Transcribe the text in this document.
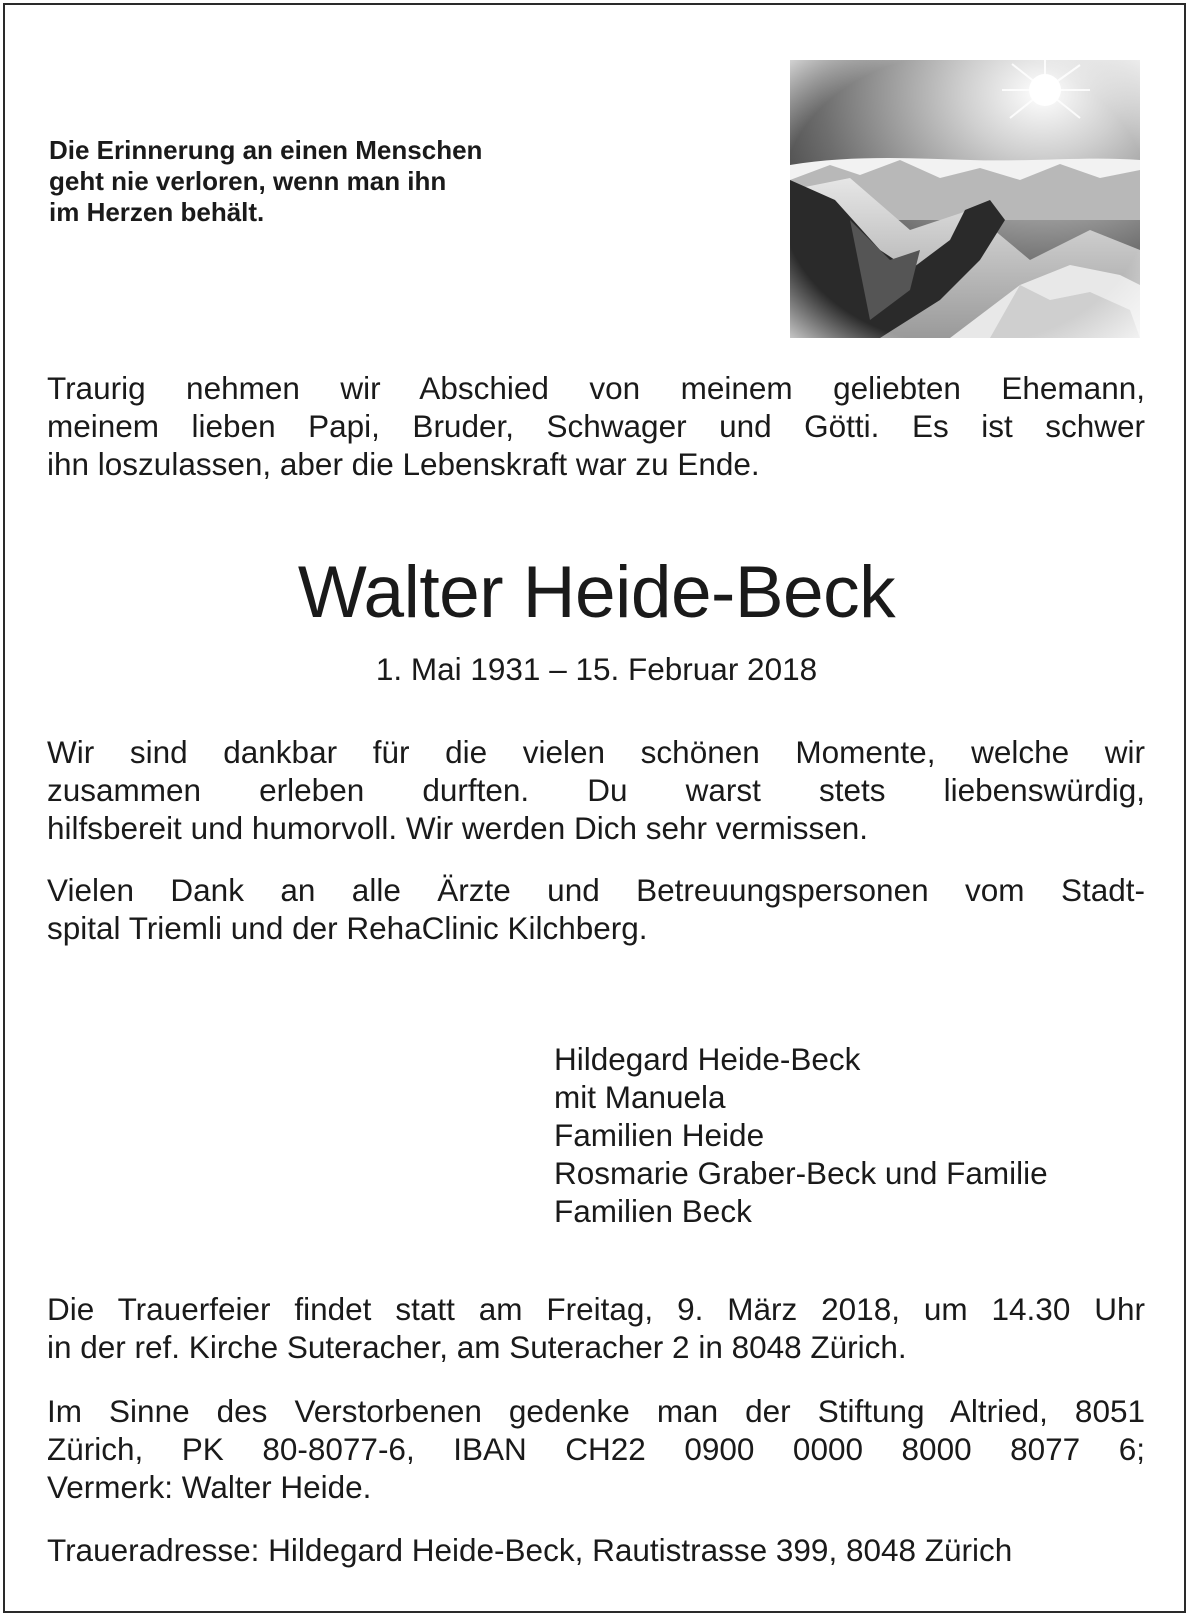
Die Erinnerung an einen Menschen
geht nie verloren, wenn man ihn
im Herzen behält.

Traurig nehmen wir Abschied von meinem geliebten Ehemann,
meinem lieben Papi, Bruder, Schwager und Götti. Es ist schwer
ihn loszulassen, aber die Lebenskraft war zu Ende.

Walter Heide-Beck
1. Mai 1931 – 15. Februar 2018

Wir sind dankbar für die vielen schönen Momente, welche wir
zusammen erleben durften. Du warst stets liebenswürdig,
hilfsbereit und humorvoll. Wir werden Dich sehr vermissen.

Vielen Dank an alle Ärzte und Betreuungspersonen vom Stadt-
spital Triemli und der RehaClinic Kilchberg.

Hildegard Heide-Beck
mit Manuela
Familien Heide
Rosmarie Graber-Beck und Familie
Familien Beck

Die Trauerfeier findet statt am Freitag, 9. März 2018, um 14.30 Uhr
in der ref. Kirche Suteracher, am Suteracher 2 in 8048 Zürich.

Im Sinne des Verstorbenen gedenke man der Stiftung Altried, 8051
Zürich, PK 80-8077-6, IBAN CH22 0900 0000 8000 8077 6;
Vermerk: Walter Heide.

Traueradresse: Hildegard Heide-Beck, Rautistrasse 399, 8048 Zürich
